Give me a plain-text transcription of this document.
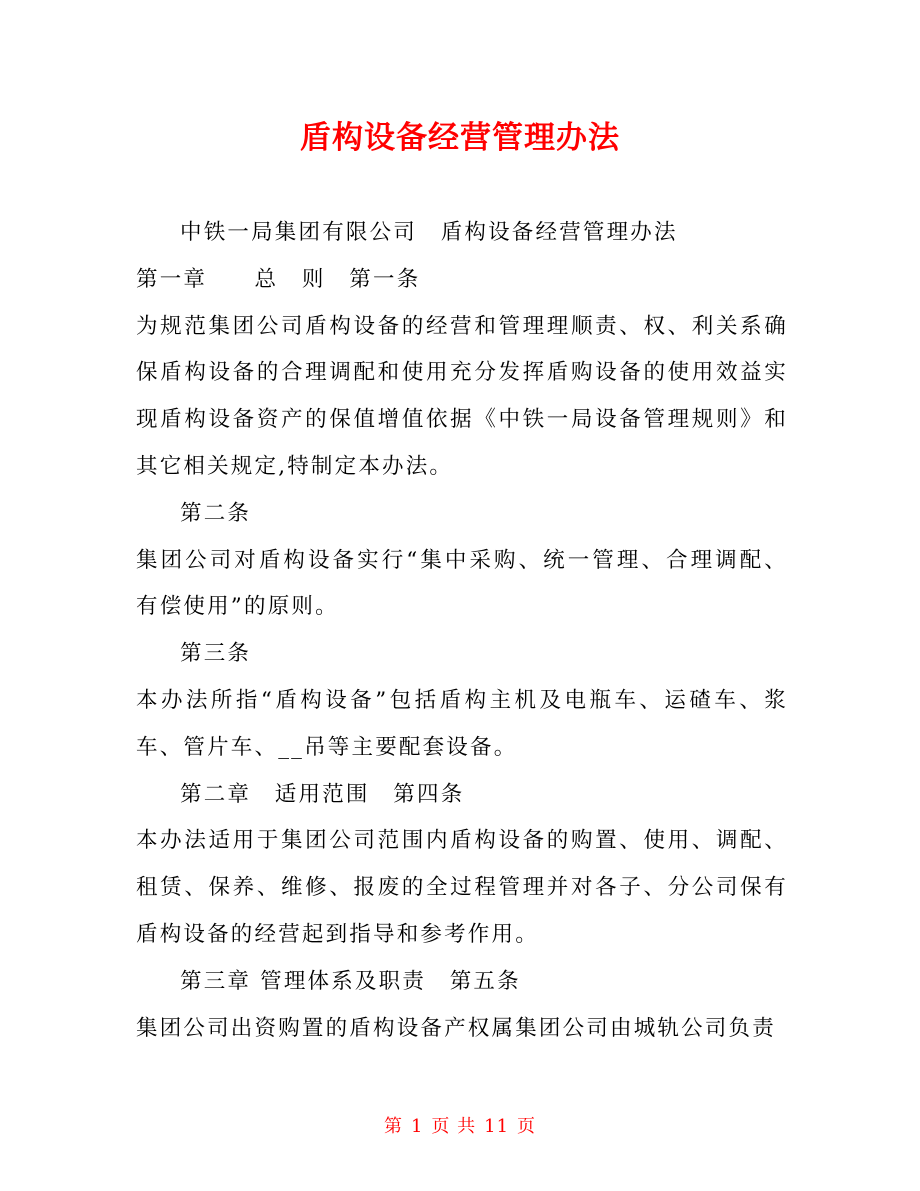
盾构设备经营管理办法

中铁一局集团有限公司　盾构设备经营管理办法

第一章　　总　则　第一条

为规范集团公司盾构设备的经营和管理理顺责、权、利关系确保盾构设备的合理调配和使用充分发挥盾购设备的使用效益实现盾构设备资产的保值增值依据《中铁一局设备管理规则》和其它相关规定,特制定本办法。

第二条

集团公司对盾构设备实行“集中采购、统一管理、合理调配、有偿使用”的原则。

第三条

本办法所指“盾构设备”包括盾构主机及电瓶车、运碴车、浆车、管片车、__吊等主要配套设备。

第二章　适用范围　第四条

本办法适用于集团公司范围内盾构设备的购置、使用、调配、租赁、保养、维修、报废的全过程管理并对各子、分公司保有盾构设备的经营起到指导和参考作用。

第三章 管理体系及职责　第五条

集团公司出资购置的盾构设备产权属集团公司由城轨公司负责

第 1 页 共 11 页
